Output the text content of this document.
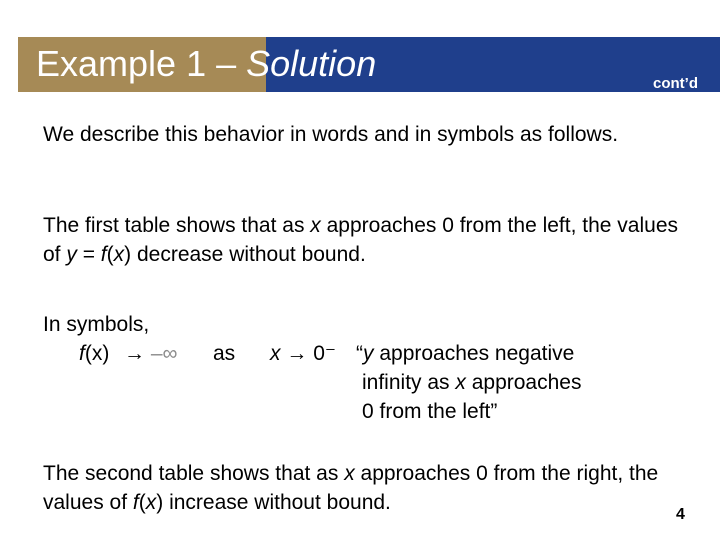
Example 1 – Solution	cont’d

We describe this behavior in words and in symbols as follows.

The first table shows that as x approaches 0 from the left, the values of y = f(x) decrease without bound.

In symbols,

f(x) → –∞ as x → 0⁻ “y approaches negative
infinity as x approaches
0 from the left”

The second table shows that as x approaches 0 from the right, the values of f(x) increase without bound.

4
